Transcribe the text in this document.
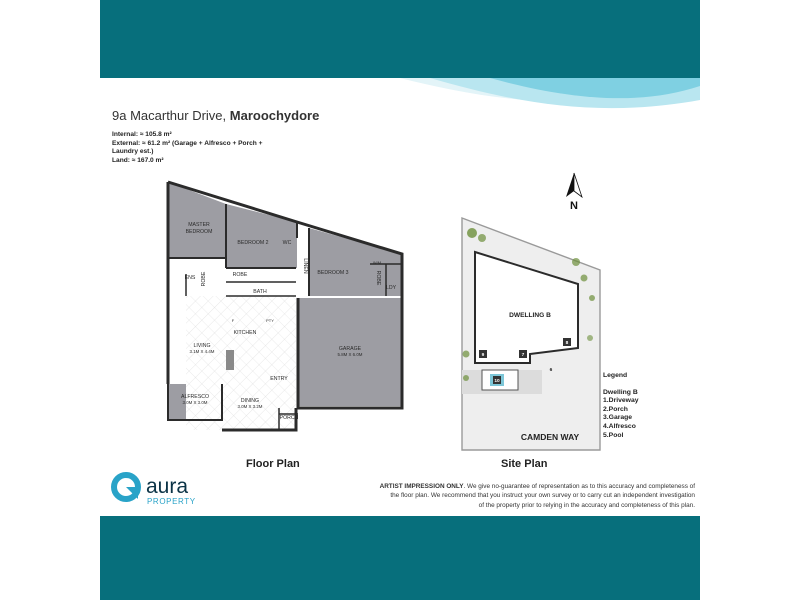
9a Macarthur Drive, Maroochydore
Internal: ≈ 105.8 m²
External: ≈ 61.2 m² (Garage + Alfresco + Porch +
Laundry est.)
Land: ≈ 167.0 m²
MASTER
BEDROOM
BEDROOM 2
BEDROOM 3
WC
LINEN
ROBE
ROBE	ROBE
ENS
BATH
W/M
LDY
PTY
F
KITCHEN
LIVING
3.1M X 4.4M	GARAGE
5.8M X 6.0M
ENTRY
DINING
3.0M X 3.2M
ALFRESCO
3.0M X 3.0M
PORCH
N
DWELLING B
CAMDEN WAY
9	7
8
10
6
Floor Plan	Site Plan
Legend
Dwelling B
1.Driveway
2.Porch
3.Garage
4.Alfresco
5.Pool
aura
PROPERTY
ARTIST IMPRESSION ONLY. We give no-guarantee of representation as to this accuracy and completeness of
the floor plan. We recommend that you instruct your own survey or to carry cut an independent investigation
of the property prior to relying in the accuracy and completeness of this plan.
